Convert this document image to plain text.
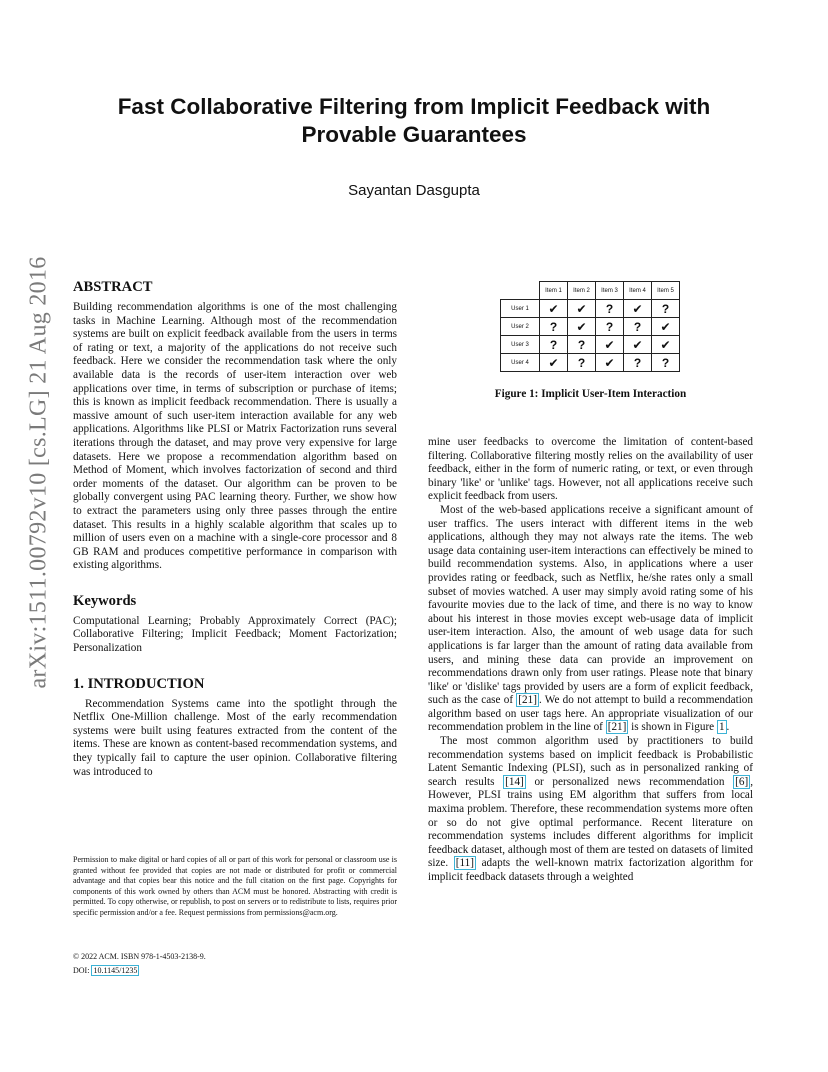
arXiv:1511.00792v10 [cs.LG] 21 Aug 2016
Fast Collaborative Filtering from Implicit Feedback with
Provable Guarantees
Sayantan Dasgupta
ABSTRACT

Building recommendation algorithms is one of the most challenging tasks in Machine Learning. Although most of the recommendation systems are built on explicit feedback available from the users in terms of rating or text, a majority of the applications do not receive such feedback. Here we consider the recommendation task where the only available data is the records of user-item interaction over web applications over time, in terms of subscription or purchase of items; this is known as implicit feedback recommendation. There is usually a massive amount of such user-item interaction available for any web applications. Algorithms like PLSI or Matrix Factorization runs several iterations through the dataset, and may prove very expensive for large datasets. Here we propose a recommendation algorithm based on Method of Moment, which involves factorization of second and third order moments of the dataset. Our algorithm can be proven to be globally convergent using PAC learning theory. Further, we show how to extract the parameters using only three passes through the entire dataset. This results in a highly scalable algorithm that scales up to million of users even on a machine with a single-core processor and 8 GB RAM and produces competitive performance in comparison with existing algorithms.

Keywords

Computational Learning; Probably Approximately Correct (PAC); Collaborative Filtering; Implicit Feedback; Moment Factorization; Personalization

1. INTRODUCTION

Recommendation Systems came into the spotlight through the Netflix One-Million challenge. Most of the early recommendation systems were built using features extracted from the content of the items. These are known as content-based recommendation systems, and they typically fail to capture the user opinion. Collaborative filtering was introduced to

	Item 1	Item 2	Item 3	Item 4	Item 5
User 1	✔	✔	?	✔	?
User 2	?	✔	?	?	✔
User 3	?	?	✔	✔	✔
User 4	✔	?	✔	?	?
Figure 1: Implicit User-Item Interaction

mine user feedbacks to overcome the limitation of content-based filtering. Collaborative filtering mostly relies on the availability of user feedback, either in the form of numeric rating, or text, or even through binary 'like' or 'unlike' tags. However, not all applications receive such explicit feedback from users.

Most of the web-based applications receive a significant amount of user traffics. The users interact with different items in the web applications, although they may not always rate the items. The web usage data containing user-item interactions can effectively be mined to build recommendation systems. Also, in applications where a user provides rating or feedback, such as Netflix, he/she rates only a small subset of movies watched. A user may simply avoid rating some of his favourite movies due to the lack of time, and there is no way to know about his interest in those movies except web-usage data of implicit user-item interaction. Also, the amount of web usage data for such applications is far larger than the amount of rating data available from users, and mining these data can provide an improvement on recommendations drawn only from user ratings. Please note that binary 'like' or 'dislike' tags provided by users are a form of explicit feedback, such as the case of [21] . We do not attempt to build a recommendation algorithm based on user tags here. An appropriate visualization of our recommendation problem in the line of [21] is shown in Figure 1 .

The most common algorithm used by practitioners to build recommendation systems based on implicit feedback is Probabilistic Latent Semantic Indexing (PLSI), such as in personalized ranking of search results [14] or personalized news recommendation [6] , However, PLSI trains using EM algorithm that suffers from local maxima problem. Therefore, these recommendation systems more often or so do not give optimal performance. Recent literature on recommendation systems includes different algorithms for implicit feedback dataset, although most of them are tested on datasets of limited size. [11] adapts the well-known matrix factorization algorithm for implicit feedback datasets through a weighted

Permission to make digital or hard copies of all or part of this work for personal or classroom use is granted without fee provided that copies are not made or distributed for profit or commercial advantage and that copies bear this notice and the full citation on the first page. Copyrights for components of this work owned by others than ACM must be honored. Abstracting with credit is permitted. To copy otherwise, or republish, to post on servers or to redistribute to lists, requires prior specific permission and/or a fee. Request permissions from permissions@acm.org.
© 2022 ACM. ISBN 978-1-4503-2138-9.
DOI: 10.1145/1235
